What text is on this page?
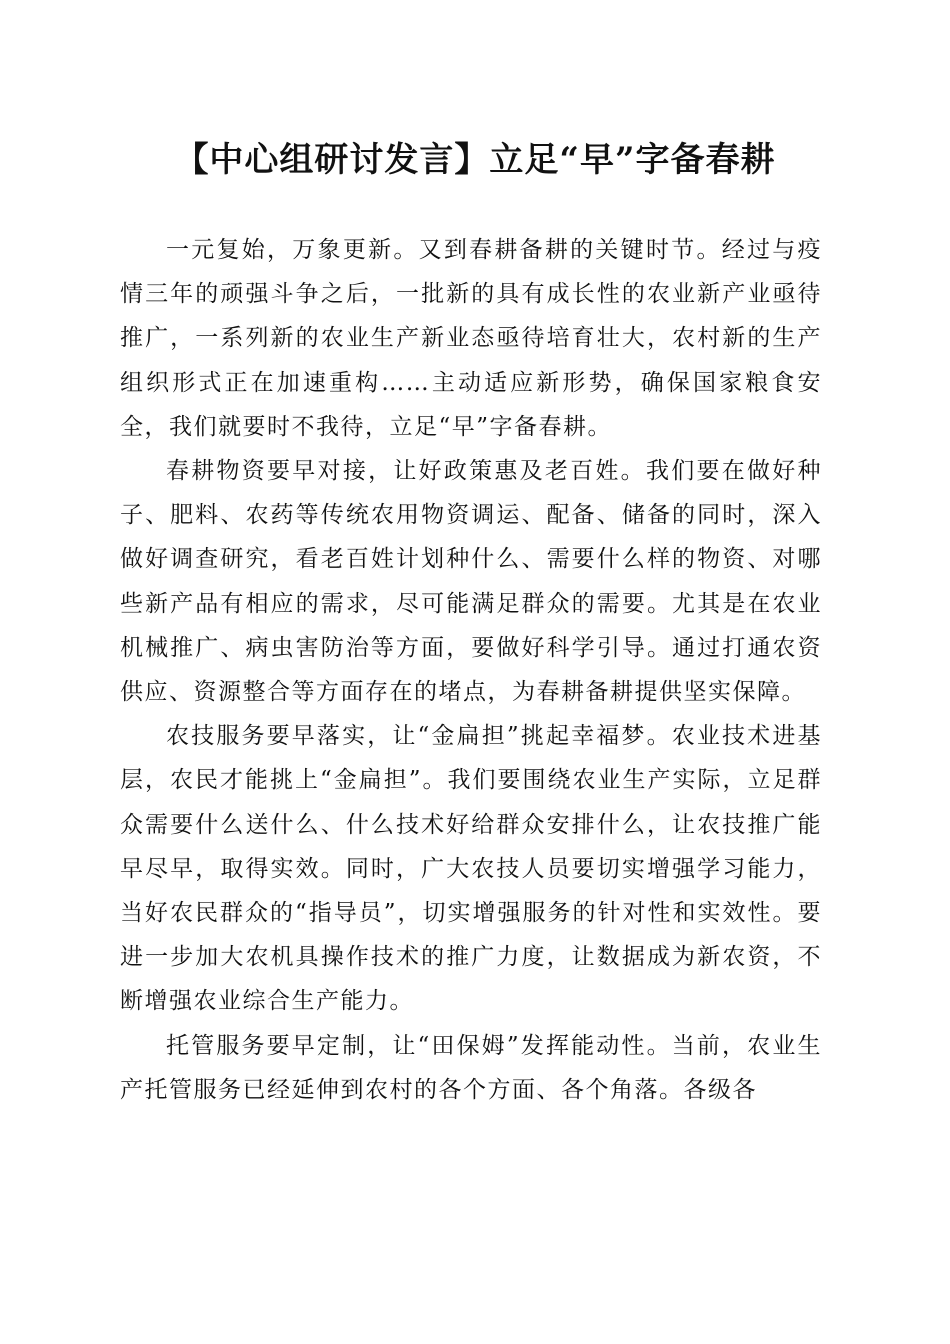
【中心组研讨发言】立足“早”字备春耕

一元复始，万象更新。又到春耕备耕的关键时节。经过与疫情三年的顽强斗争之后，一批新的具有成长性的农业新产业亟待推广，一系列新的农业生产新业态亟待培育壮大，农村新的生产组织形式正在加速重构……主动适应新形势，确保国家粮食安全，我们就要时不我待，立足“早”字备春耕。

春耕物资要早对接，让好政策惠及老百姓。我们要在做好种子、肥料、农药等传统农用物资调运、配备、储备的同时，深入做好调查研究，看老百姓计划种什么、需要什么样的物资、对哪些新产品有相应的需求，尽可能满足群众的需要。尤其是在农业机械推广、病虫害防治等方面，要做好科学引导。通过打通农资供应、资源整合等方面存在的堵点，为春耕备耕提供坚实保障。

农技服务要早落实，让“金扁担”挑起幸福梦。农业技术进基层，农民才能挑上“金扁担”。我们要围绕农业生产实际，立足群众需要什么送什么、什么技术好给群众安排什么，让农技推广能早尽早，取得实效。同时，广大农技人员要切实增强学习能力，当好农民群众的“指导员”，切实增强服务的针对性和实效性。要进一步加大农机具操作技术的推广力度，让数据成为新农资，不断增强农业综合生产能力。

托管服务要早定制，让“田保姆”发挥能动性。当前，农业生产托管服务已经延伸到农村的各个方面、各个角落。各级各
